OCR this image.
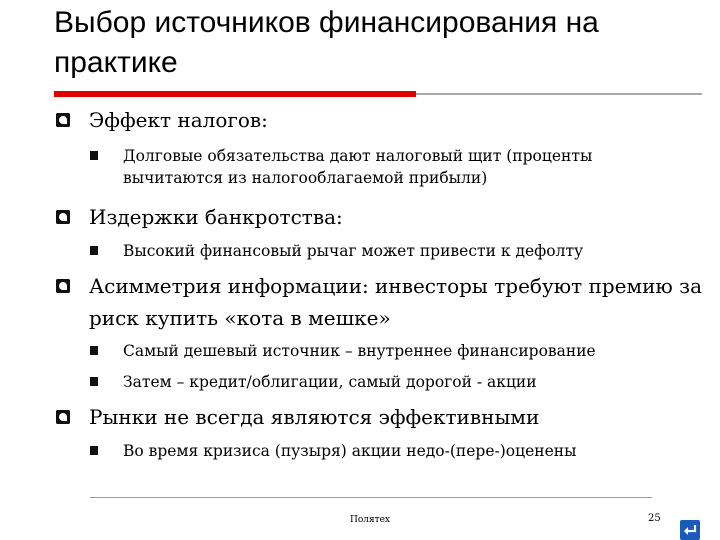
Выбор источников финансирования на практике
Эффект налогов:
Долговые обязательства дают налоговый щит (проценты вычитаются из налогооблагаемой прибыли)
Издержки банкротства:
Высокий финансовый рычаг может привести к дефолту
Асимметрия информации: инвесторы требуют премию за риск купить «кота в мешке»
Самый дешевый источник – внутреннее финансирование
Затем – кредит/облигации, самый дорогой - акции
Рынки не всегда являются эффективными
Во время кризиса (пузыря) акции недо-(пере-)оценены
Полятех	25
